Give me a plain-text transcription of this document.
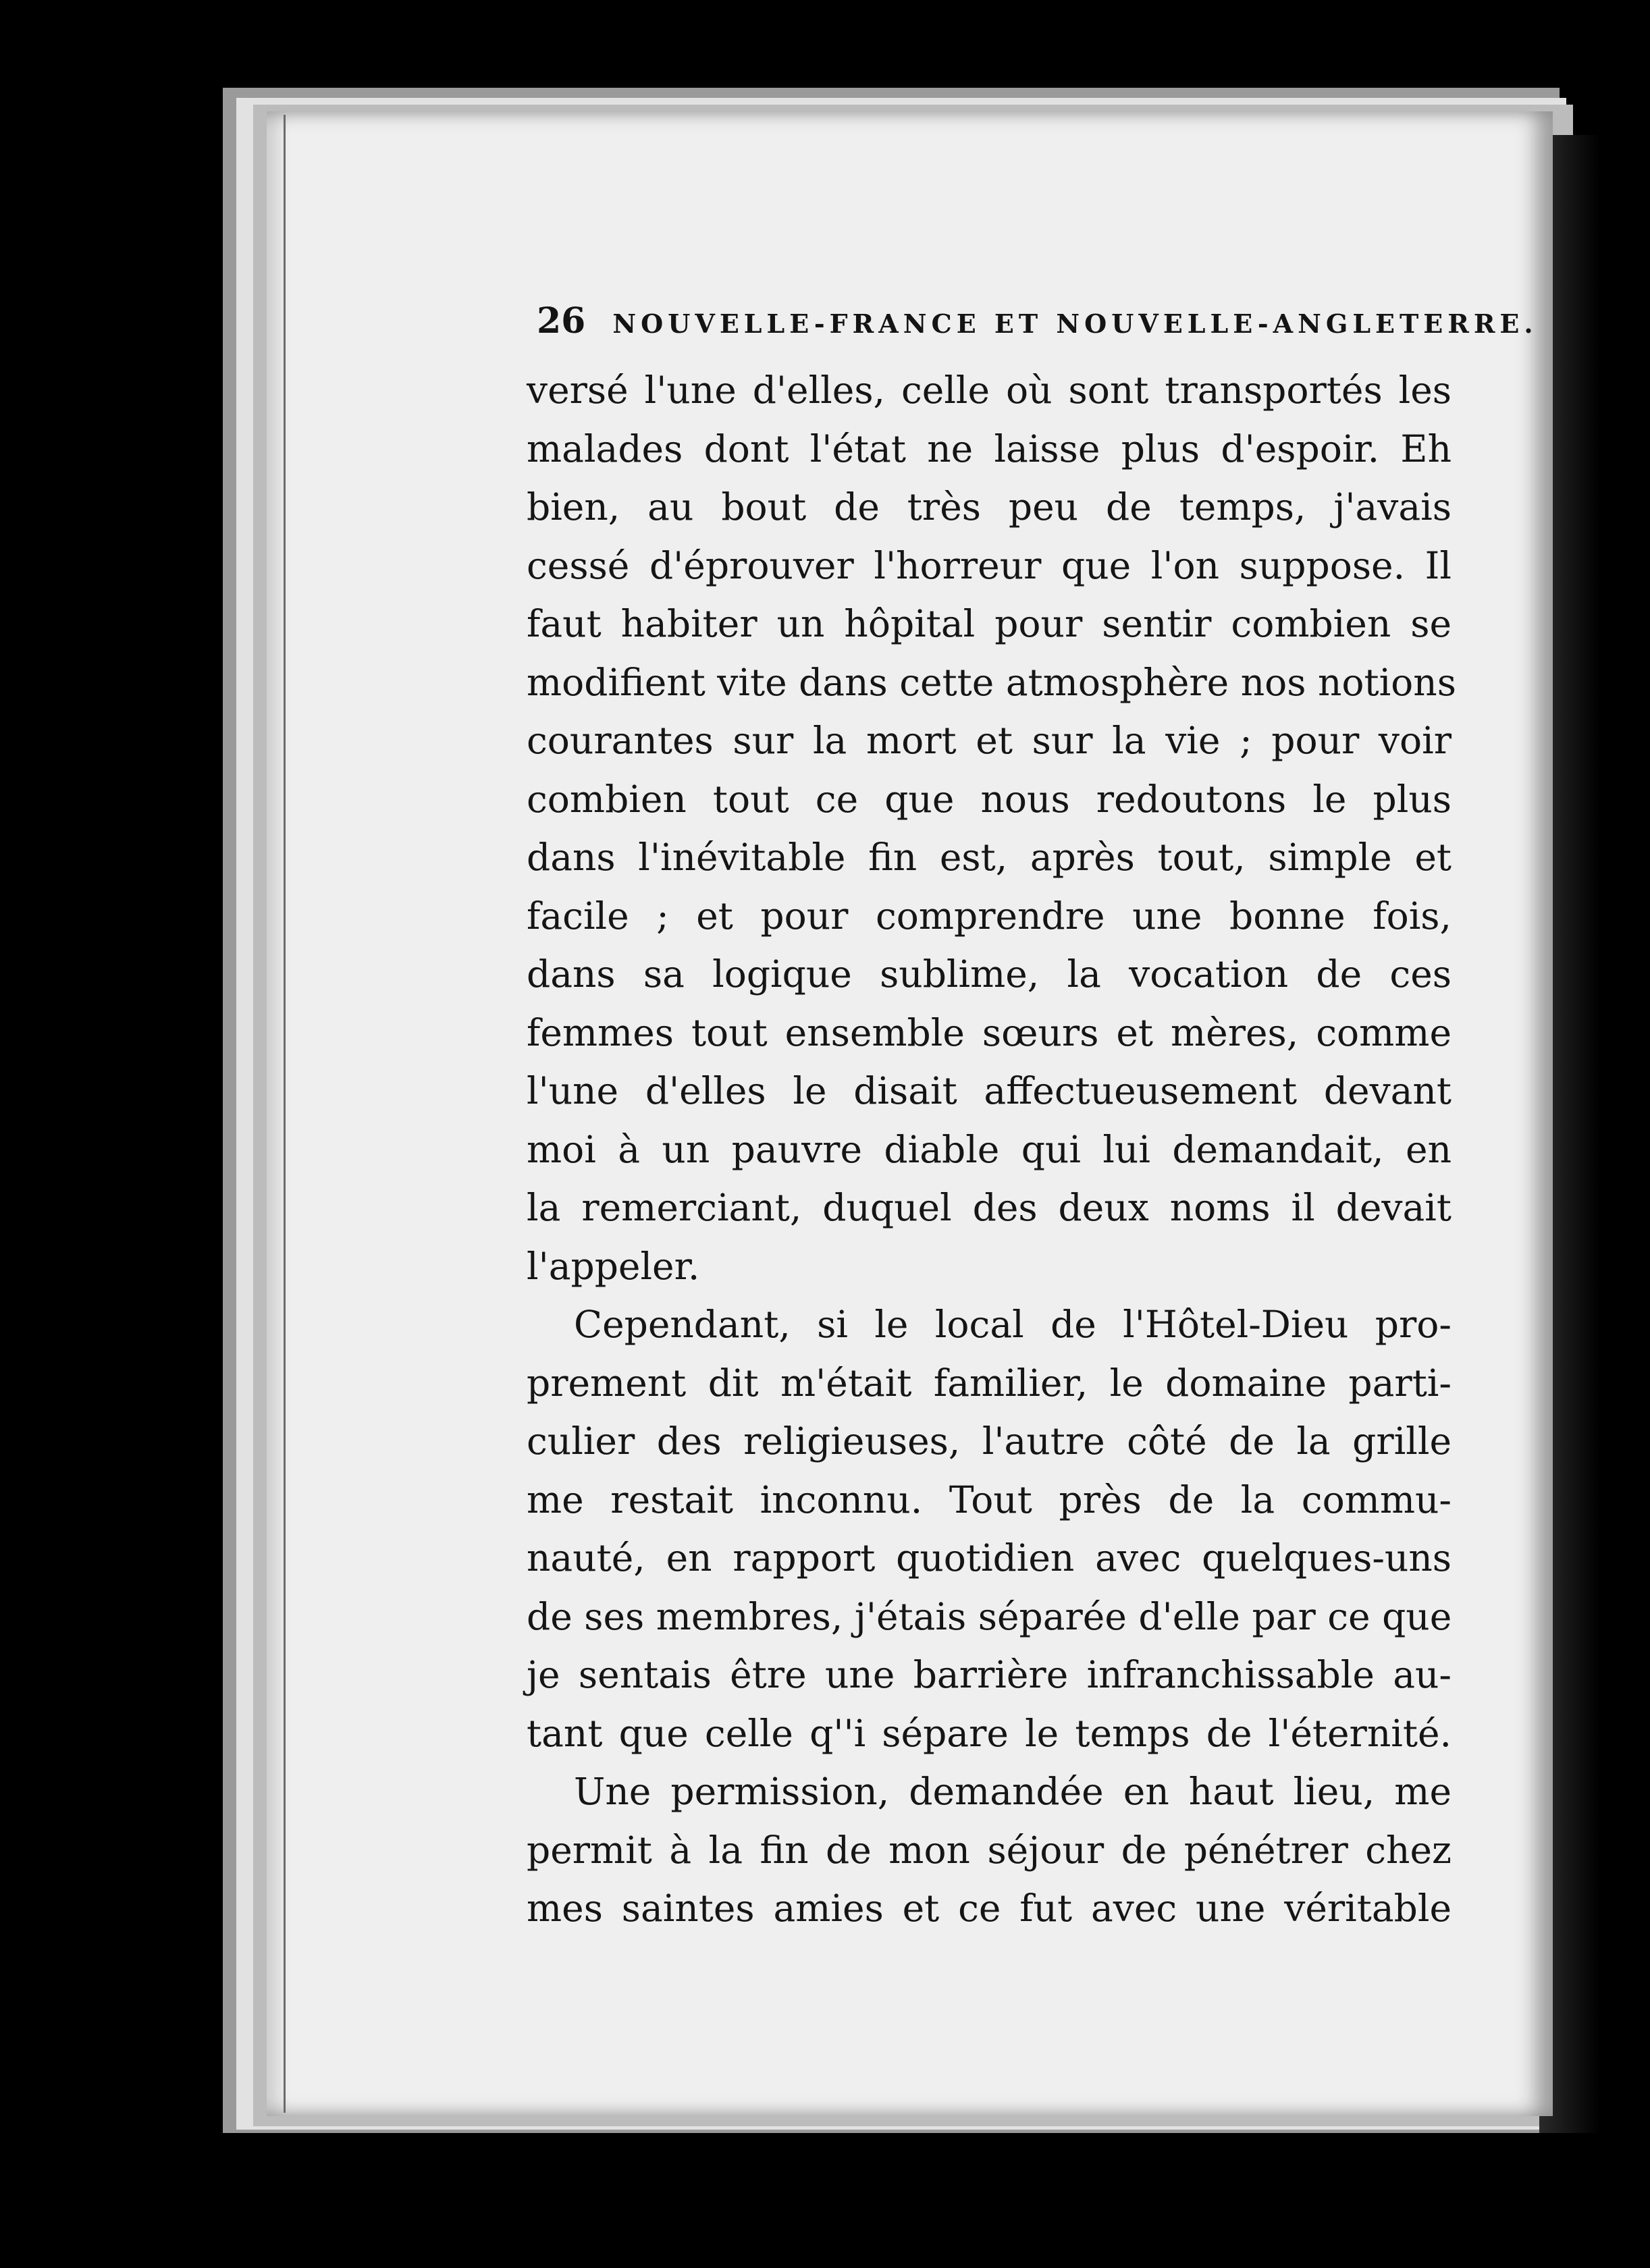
26 NOUVELLE-FRANCE ET NOUVELLE-ANGLETERRE.
versé l'une d'elles, celle où sont transportés les
malades dont l'état ne laisse plus d'espoir. Eh
bien, au bout de très peu de temps, j'avais
cessé d'éprouver l'horreur que l'on suppose. Il
faut habiter un hôpital pour sentir combien se
modifient vite dans cette atmosphère nos notions
courantes sur la mort et sur la vie ; pour voir
combien tout ce que nous redoutons le plus
dans l'inévitable fin est, après tout, simple et
facile ; et pour comprendre une bonne fois,
dans sa logique sublime, la vocation de ces
femmes tout ensemble sœurs et mères, comme
l'une d'elles le disait affectueusement devant
moi à un pauvre diable qui lui demandait, en
la remerciant, duquel des deux noms il devait
l'appeler.
Cependant, si le local de l'Hôtel-Dieu pro-
prement dit m'était familier, le domaine parti-
culier des religieuses, l'autre côté de la grille
me restait inconnu. Tout près de la commu-
nauté, en rapport quotidien avec quelques-uns
de ses membres, j'étais séparée d'elle par ce que
je sentais être une barrière infranchissable au-
tant que celle q''i sépare le temps de l'éternité.
Une permission, demandée en haut lieu, me
permit à la fin de mon séjour de pénétrer chez
mes saintes amies et ce fut avec une véritable
